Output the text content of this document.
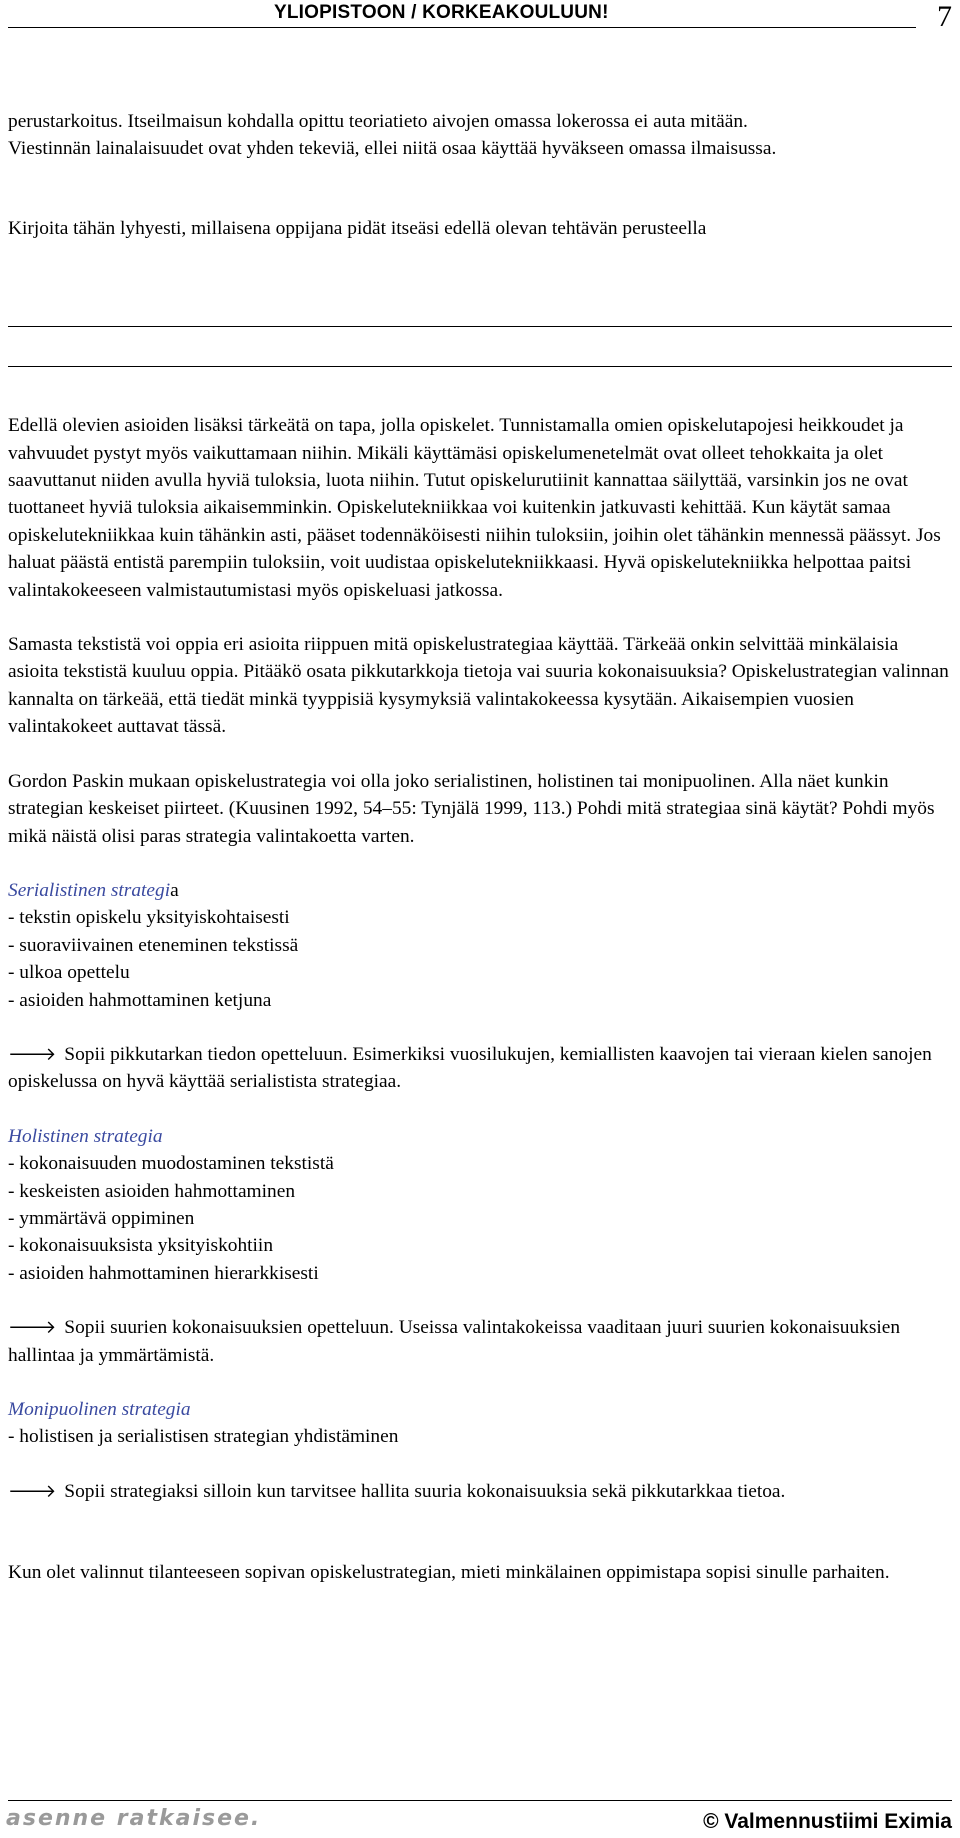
YLIOPISTOON / KORKEAKOULUUN!	7

perustarkoitus. Itseilmaisun kohdalla opittu teoriatieto aivojen omassa lokerossa ei auta mitään.

Viestinnän lainalaisuudet ovat yhden tekeviä, ellei niitä osaa käyttää hyväkseen omassa ilmaisussa.

Kirjoita tähän lyhyesti, millaisena oppijana pidät itseäsi edellä olevan tehtävän perusteella

Edellä olevien asioiden lisäksi tärkeätä on tapa, jolla opiskelet. Tunnistamalla omien opiskelutapojesi heikkoudet ja vahvuudet pystyt myös vaikuttamaan niihin. Mikäli käyttämäsi opiskelumenetelmät ovat olleet tehokkaita ja olet saavuttanut niiden avulla hyviä tuloksia, luota niihin. Tutut opiskelurutiinit kannattaa säilyttää, varsinkin jos ne ovat tuottaneet hyviä tuloksia aikaisemminkin. Opiskelutekniikkaa voi kuitenkin jatkuvasti kehittää. Kun käytät samaa opiskelutekniikkaa kuin tähänkin asti, pääset todennäköisesti niihin tuloksiin, joihin olet tähänkin mennessä päässyt. Jos haluat päästä entistä parempiin tuloksiin, voit uudistaa opiskelutekniikkaasi. Hyvä opiskelutekniikka helpottaa paitsi valintakokeeseen valmistautumistasi myös opiskeluasi jatkossa.

Samasta tekstistä voi oppia eri asioita riippuen mitä opiskelustrategiaa käyttää. Tärkeää onkin selvittää minkälaisia asioita tekstistä kuuluu oppia. Pitääkö osata pikkutarkkoja tietoja vai suuria kokonaisuuksia? Opiskelustrategian valinnan kannalta on tärkeää, että tiedät minkä tyyppisiä kysymyksiä valintakokeessa kysytään. Aikaisempien vuosien valintakokeet auttavat tässä.

Gordon Paskin mukaan opiskelustrategia voi olla joko serialistinen, holistinen tai monipuolinen. Alla näet kunkin strategian keskeiset piirteet. (Kuusinen 1992, 54–55: Tynjälä 1999, 113.) Pohdi mitä strategiaa sinä käytät? Pohdi myös mikä näistä olisi paras strategia valintakoetta varten.

Serialistinen strategia

- tekstin opiskelu yksityiskohtaisesti

- suoraviivainen eteneminen tekstissä

- ulkoa opettelu

- asioiden hahmottaminen ketjuna

🡒 Sopii pikkutarkan tiedon opetteluun. Esimerkiksi vuosilukujen, kemiallisten kaavojen tai vieraan kielen sanojen opiskelussa on hyvä käyttää serialistista strategiaa.

Holistinen strategia

- kokonaisuuden muodostaminen tekstistä

- keskeisten asioiden hahmottaminen

- ymmärtävä oppiminen

- kokonaisuuksista yksityiskohtiin

- asioiden hahmottaminen hierarkkisesti

🡒 Sopii suurien kokonaisuuksien opetteluun. Useissa valintakokeissa vaaditaan juuri suurien kokonaisuuksien hallintaa ja ymmärtämistä.

Monipuolinen strategia

- holistisen ja serialistisen strategian yhdistäminen

🡒 Sopii strategiaksi silloin kun tarvitsee hallita suuria kokonaisuuksia sekä pikkutarkkaa tietoa.

Kun olet valinnut tilanteeseen sopivan opiskelustrategian, mieti minkälainen oppimistapa sopisi sinulle parhaiten.

asenne ratkaisee.	© Valmennustiimi Eximia
